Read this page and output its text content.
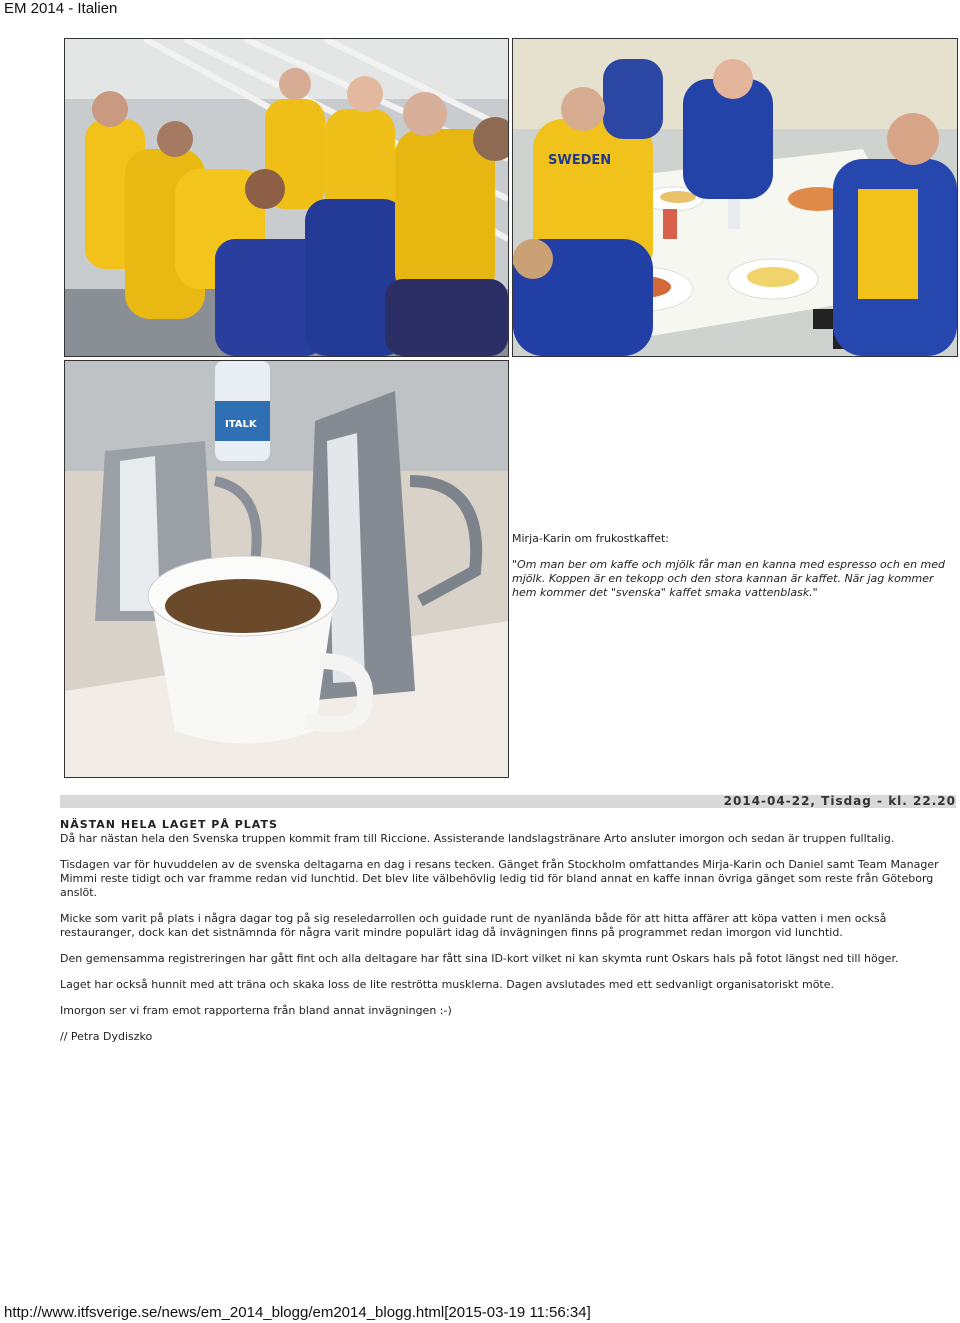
EM 2014 - Italien
SWEDEN
ITALK

Mirja-Karin om frukostkaffet:

"Om man ber om kaffe och mjölk får man en kanna med espresso och en med mjölk. Koppen är en tekopp och den stora kannan är kaffet. När jag kommer hem kommer det "svenska" kaffet smaka vattenblask."

2014-04-22, Tisdag - kl. 22.20
NÄSTAN HELA LAGET PÅ PLATS

Då har nästan hela den Svenska truppen kommit fram till Riccione. Assisterande landslagstränare Arto ansluter imorgon och sedan är truppen fulltalig.

Tisdagen var för huvuddelen av de svenska deltagarna en dag i resans tecken. Gänget från Stockholm omfattandes Mirja-Karin och Daniel samt Team Manager Mimmi reste tidigt och var framme redan vid lunchtid. Det blev lite välbehövlig ledig tid för bland annat en kaffe innan övriga gänget som reste från Göteborg anslöt.

Micke som varit på plats i några dagar tog på sig reseledarrollen och guidade runt de nyanlända både för att hitta affärer att köpa vatten i men också restauranger, dock kan det sistnämnda för några varit mindre populärt idag då invägningen finns på programmet redan imorgon vid lunchtid.

Den gemensamma registreringen har gått fint och alla deltagare har fått sina ID-kort vilket ni kan skymta runt Oskars hals på fotot längst ned till höger.

Laget har också hunnit med att träna och skaka loss de lite reströtta musklerna. Dagen avslutades med ett sedvanligt organisatoriskt möte.

Imorgon ser vi fram emot rapporterna från bland annat invägningen :-)

// Petra Dydiszko

http://www.itfsverige.se/news/em_2014_blogg/em2014_blogg.html[2015-03-19 11:56:34]
